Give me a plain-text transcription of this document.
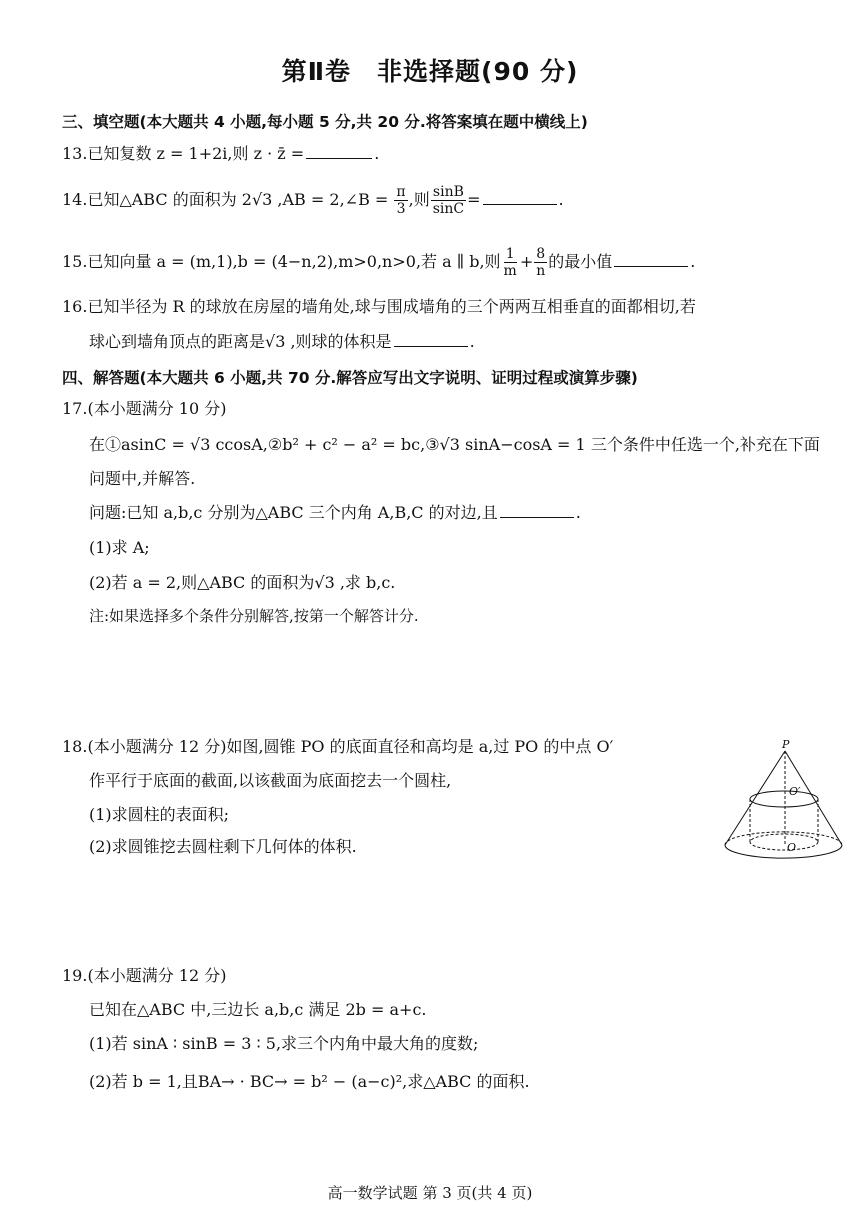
第Ⅱ卷　非选择题(90 分)
三、填空题(本大题共 4 小题,每小题 5 分,共 20 分.将答案填在题中横线上)
13.已知复数 z = 1+2i,则 z · z̄ =	.
14.已知△ABC 的面积为 2√3 ,AB = 2,∠B = $\frac{\pi}{3}$ ,则 $\frac{\sin B}{\sin C}$ =	.
15.已知向量 a = (m,1),b = (4−n,2),m>0,n>0,若 a ∥ b,则 $\frac{1}{m} + \frac{8}{n}$ 的最小值	.
16.已知半径为 R 的球放在房屋的墙角处,球与围成墙角的三个两两互相垂直的面都相切,若
球心到墙角顶点的距离是√3 ,则球的体积是	.
四、解答题(本大题共 6 小题,共 70 分.解答应写出文字说明、证明过程或演算步骤)
17.(本小题满分 10 分)
在①asinC = √3 ccosA,②b² + c² − a² = bc,③√3 sinA−cosA = 1 三个条件中任选一个,补充在下面
问题中,并解答.
问题:已知 a,b,c 分别为△ABC 三个内角 A,B,C 的对边,且	.
(1)求 A;
(2)若 a = 2,则△ABC 的面积为√3 ,求 b,c.
注:如果选择多个条件分别解答,按第一个解答计分.
18.(本小题满分 12 分)如图,圆锥 PO 的底面直径和高均是 a,过 PO 的中点 O′
作平行于底面的截面,以该截面为底面挖去一个圆柱,
(1)求圆柱的表面积;
(2)求圆锥挖去圆柱剩下几何体的体积.
P
O′
O
19.(本小题满分 12 分)
已知在△ABC 中,三边长 a,b,c 满足 2b = a+c.
(1)若 sinA ∶ sinB = 3 ∶ 5,求三个内角中最大角的度数;
(2)若 b = 1,且BA→ · BC→ = b² − (a−c)²,求△ABC 的面积.
高一数学试题 第 3 页(共 4 页)
